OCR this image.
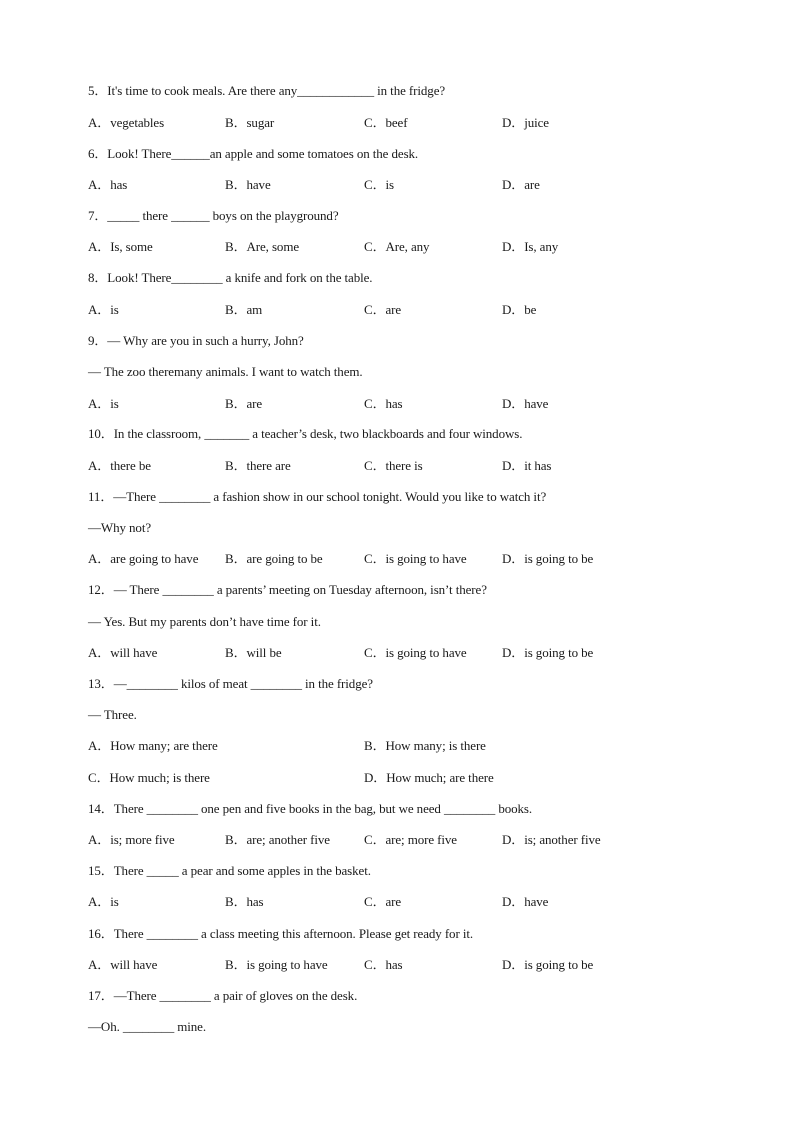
5．It's time to cook meals. Are there any____________ in the fridge?
A．vegetables	B．sugar	C．beef	D．juice
6．Look! There______an apple and some tomatoes on the desk.
A．has	B．have	C．is	D．are
7．_____ there ______ boys on the playground?
A．Is, some	B．Are, some	C．Are, any	D．Is, any
8．Look! There________ a knife and fork on the table.
A．is	B．am	C．are	D．be
9．— Why are you in such a hurry, John?
— The zoo theremany animals. I want to watch them.
A．is	B．are	C．has	D．have
10．In the classroom, _______ a teacher’s desk, two blackboards and four windows.
A．there be	B．there are	C．there is	D．it has
11．—There ________ a fashion show in our school tonight. Would you like to watch it?
—Why not?
A．are going to have B．are going to be	C．is going to have	D．is going to be
12．— There ________ a parents’ meeting on Tuesday afternoon, isn’t there?
— Yes. But my parents don’t have time for it.
A．will have	B．will be	C．is going to have	D．is going to be
13．—________ kilos of meat ________ in the fridge?
— Three.
A．How many; are there	B．How many; is there
C．How much; is there	D．How much; are there
14．There ________ one pen and five books in the bag, but we need ________ books.
A．is; more five	B．are; another five	C．are; more five	D．is; another five
15．There _____ a pear and some apples in the basket.
A．is	B．has	C．are	D．have
16．There ________ a class meeting this afternoon. Please get ready for it.
A．will have	B．is going to have	C．has	D．is going to be
17．—There ________ a pair of gloves on the desk.
—Oh. ________ mine.
